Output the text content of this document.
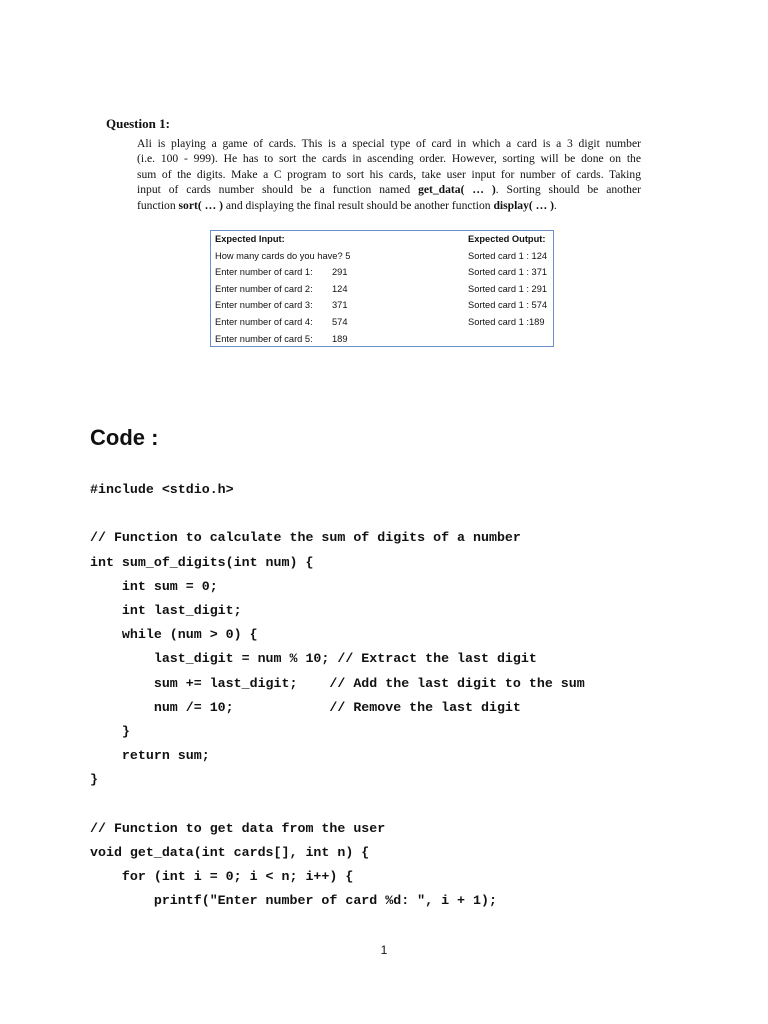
Question 1:
Ali is playing a game of cards. This is a special type of card in which a card is a 3 digit number
(i.e. 100 - 999). He has to sort the cards in ascending order. However, sorting will be done on the
sum of the digits. Make a C program to sort his cards, take user input for number of cards. Taking
input of cards number should be a function named get_data( … ). Sorting should be another
function sort( … ) and displaying the final result should be another function display( … ).
Expected Input:	Expected Output:
How many cards do you have? 5	Sorted card 1 : 124
Enter number of card 1: 291	Sorted card 1 : 371
Enter number of card 2: 124	Sorted card 1 : 291
Enter number of card 3: 371	Sorted card 1 : 574
Enter number of card 4: 574	Sorted card 1 :189
Enter number of card 5: 189
Code :
#include <stdio.h>
// Function to calculate the sum of digits of a number
int sum_of_digits(int num) {
int sum = 0;
int last_digit;
while (num > 0) {
last_digit = num % 10; // Extract the last digit
sum += last_digit;    // Add the last digit to the sum
num /= 10;            // Remove the last digit
}
return sum;
}
// Function to get data from the user
void get_data(int cards[], int n) {
for (int i = 0; i < n; i++) {
printf("Enter number of card %d: ", i + 1);
1
